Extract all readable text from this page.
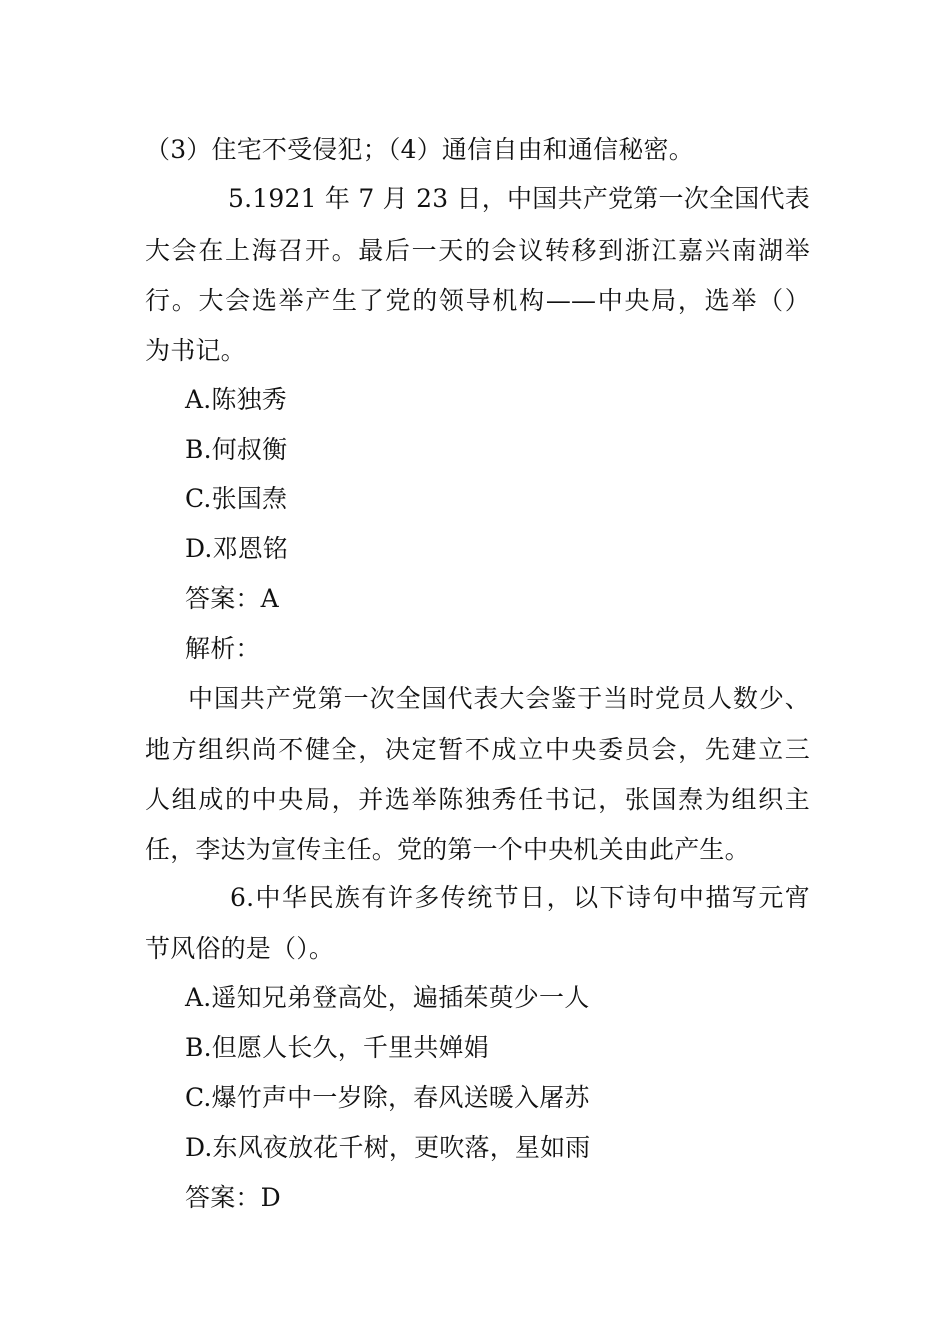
（3）住宅不受侵犯；（4）通信自由和通信秘密。
5.1921 年 7 月 23 日，中国共产党第一次全国代表
大会在上海召开。最后一天的会议转移到浙江嘉兴南湖举
行。大会选举产生了党的领导机构——中央局，选举（）
为书记。
A.陈独秀
B.何叔衡
C.张国焘
D.邓恩铭
答案：A
解析：
中国共产党第一次全国代表大会鉴于当时党员人数少、
地方组织尚不健全，决定暂不成立中央委员会，先建立三
人组成的中央局，并选举陈独秀任书记，张国焘为组织主
任，李达为宣传主任。党的第一个中央机关由此产生。
6.中华民族有许多传统节日，以下诗句中描写元宵
节风俗的是（）。
A.遥知兄弟登高处，遍插茱萸少一人
B.但愿人长久，千里共婵娟
C.爆竹声中一岁除，春风送暖入屠苏
D.东风夜放花千树，更吹落，星如雨
答案：D
